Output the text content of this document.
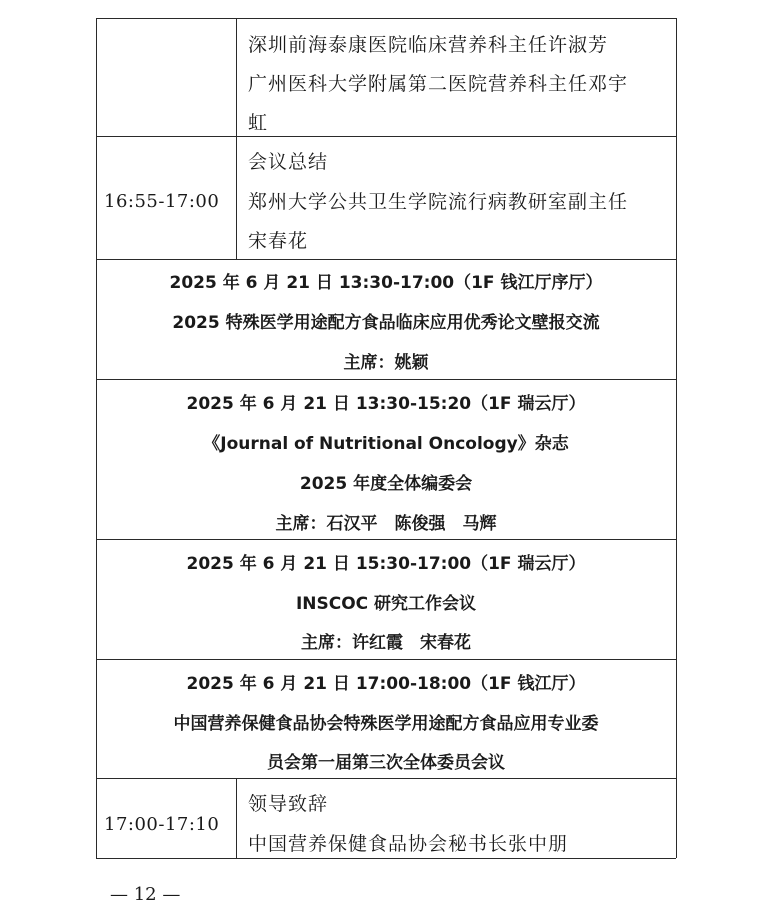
深圳前海泰康医院临床营养科主任许淑芳
广州医科大学附属第二医院营养科主任邓宇
虹
16:55-17:00
会议总结
郑州大学公共卫生学院流行病教研室副主任
宋春花
2025 年 6 月 21 日 13:30-17:00（1F 钱江厅序厅）
2025 特殊医学用途配方食品临床应用优秀论文壁报交流
主席：姚颖
2025 年 6 月 21 日 13:30-15:20（1F 瑞云厅）
《Journal of Nutritional Oncology》杂志
2025 年度全体编委会
主席：石汉平　陈俊强　马辉
2025 年 6 月 21 日 15:30-17:00（1F 瑞云厅）
INSCOC 研究工作会议
主席：许红霞　宋春花
2025 年 6 月 21 日 17:00-18:00（1F 钱江厅）
中国营养保健食品协会特殊医学用途配方食品应用专业委
员会第一届第三次全体委员会议
17:00-17:10
领导致辞
中国营养保健食品协会秘书长张中朋
— 12 —
